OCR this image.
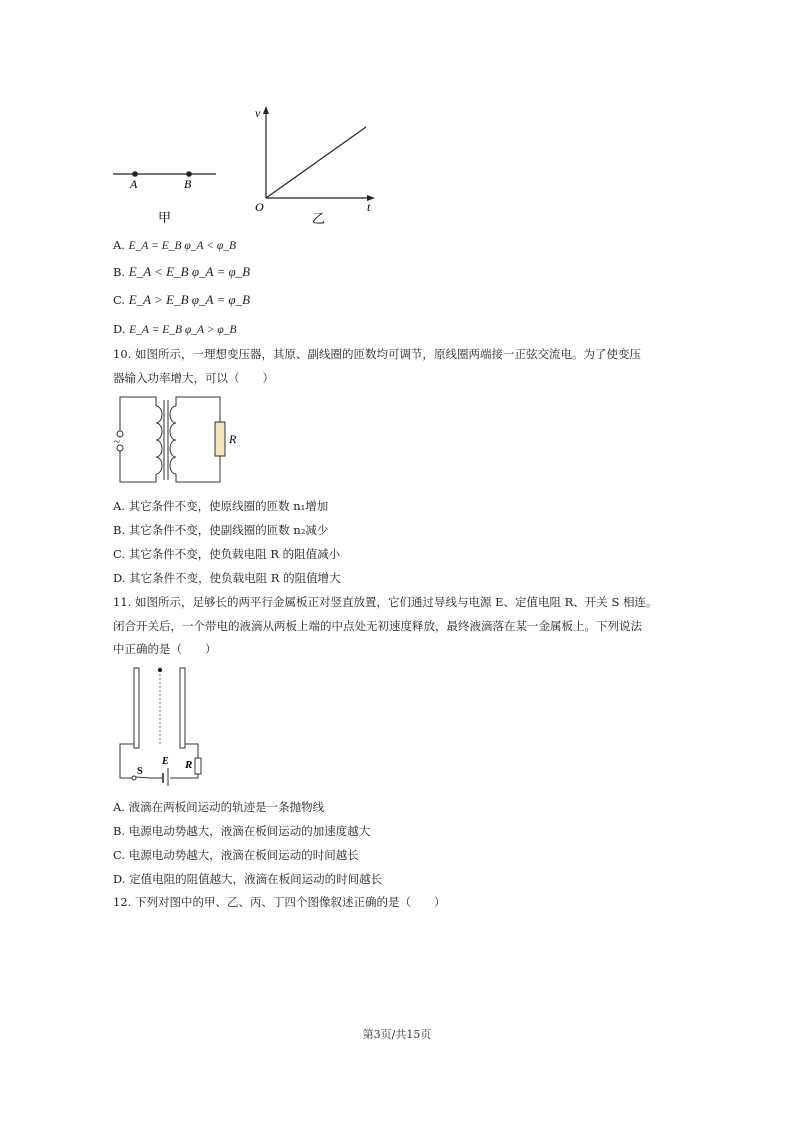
A	B
甲
v
t
O
乙
A. E_A = E_B φ_A < φ_B
B. E_A < E_B φ_A = φ_B
C. E_A > E_B φ_A = φ_B
D. E_A = E_B φ_A > φ_B
10. 如图所示，一理想变压器，其原、副线圈的匝数均可调节，原线圈两端接一正弦交流电。为了使变压
器输入功率增大，可以（　　）
~	R
A. 其它条件不变，使原线圈的匝数 n₁增加
B. 其它条件不变，使副线圈的匝数 n₂减少
C. 其它条件不变，使负载电阻 R 的阻值减小
D. 其它条件不变，使负载电阻 R 的阻值增大
11. 如图所示，足够长的两平行金属板正对竖直放置，它们通过导线与电源 E、定值电阻 R、开关 S 相连。
闭合开关后，一个带电的液滴从两板上端的中点处无初速度释放，最终液滴落在某一金属板上。下列说法
中正确的是（　　）
R
S
E
A. 液滴在两板间运动的轨迹是一条抛物线
B. 电源电动势越大，液滴在板间运动的加速度越大
C. 电源电动势越大，液滴在板间运动的时间越长
D. 定值电阻的阻值越大，液滴在板间运动的时间越长
12. 下列对图中的甲、乙、丙、丁四个图像叙述正确的是（　　）
第3页/共15页
